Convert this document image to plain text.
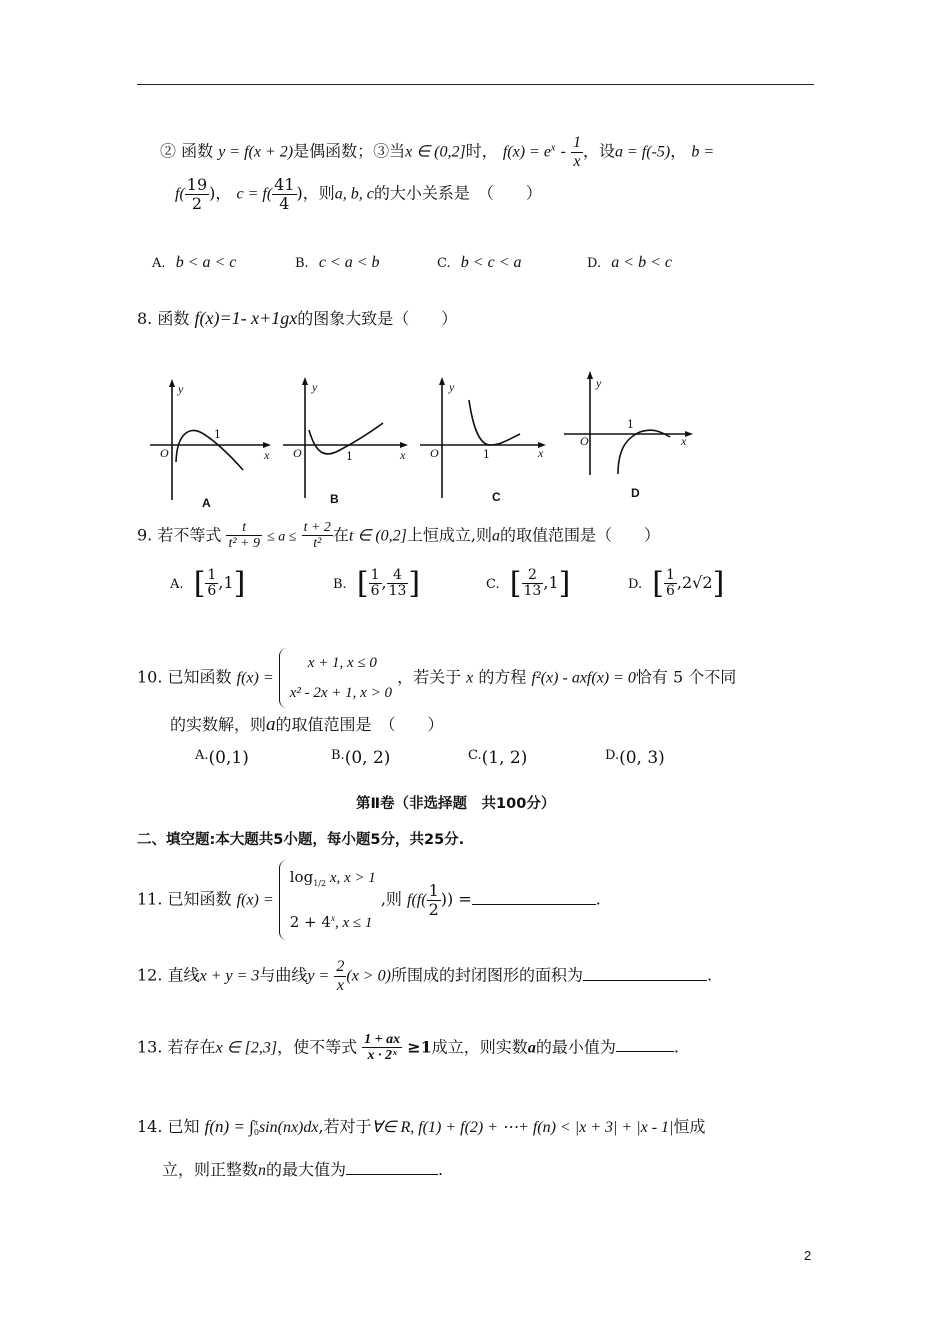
② 函数 y = f(x + 2)是偶函数；③当x ∈ (0,2]时， $f(x) = e^x - \frac{1}{x}$ ，设a = f(-5)， b =
$f( \frac{19}{2}$ )， $c = f( \frac{41}{4}$ )，则a, b, c的大小关系是　（　　）
A. b < a < c	B. c < a < b	C. b < c < a	D. a < b < c
8. 函数 f(x)=1- x+1gx的图象大致是（　　）
y
O
1
x
y
O	1	x
y
O	1	x
y
O
1
x
A	B	C	D
9. 若不等式 $\frac{t}{\text{t² + 9}} \le a \le \frac{t + 2}{\text{t²}}$ 在t ∈ (0,2]上恒成立,则a的取值范围是（　　）
A. [ $\frac{1}{6} ,1$]	B. [ $\frac{1}{6}$ , $\frac{4}{13}$ ]	C. [ $\frac{2}{13} ,1$]	D. [ $\frac{1}{6} ,2√2$]
10. 已知函数 f(x) =
x + 1, x ≤ 0
x² - 2x + 1, x > 0
，若关于 x 的方程 f²(x) - axf(x) = 0恰有 5 个不同
的实数解，则a的取值范围是　（　　）
$^{A.}$(0,1)	$^{B.}$(0, 2)	$^{C.}$(1, 2)	$^{D.}$(0, 3)
第Ⅱ卷（非选择题　共100分）
二、填空题:本大题共5小题，每小题5分，共25分.
11. 已知函数 f(x) =
$\log_{1/2} x$, x > 1
$2 + 4^x$, x ≤ 1
,则 $f(f( \frac{1}{2}$ )) =	.
12. 直线x + y = 3与曲线$y = \frac{2}{x} (x > 0)$所围成的封闭图形的面积为	.
13. 若存在x ∈ [2,3]，使不等式 $\frac{1 + ax}{\text{x · 2ˣ}} \ge 1$成立，则实数a的最小值为	.
14. 已知 f(n) = ∫ π
0 sin(nx)dx,若对于∀∈ R, f(1) + f(2) + ⋯+ f(n) < |x + 3| + |x - 1|恒成
立，则正整数n的最大值为	.
2
